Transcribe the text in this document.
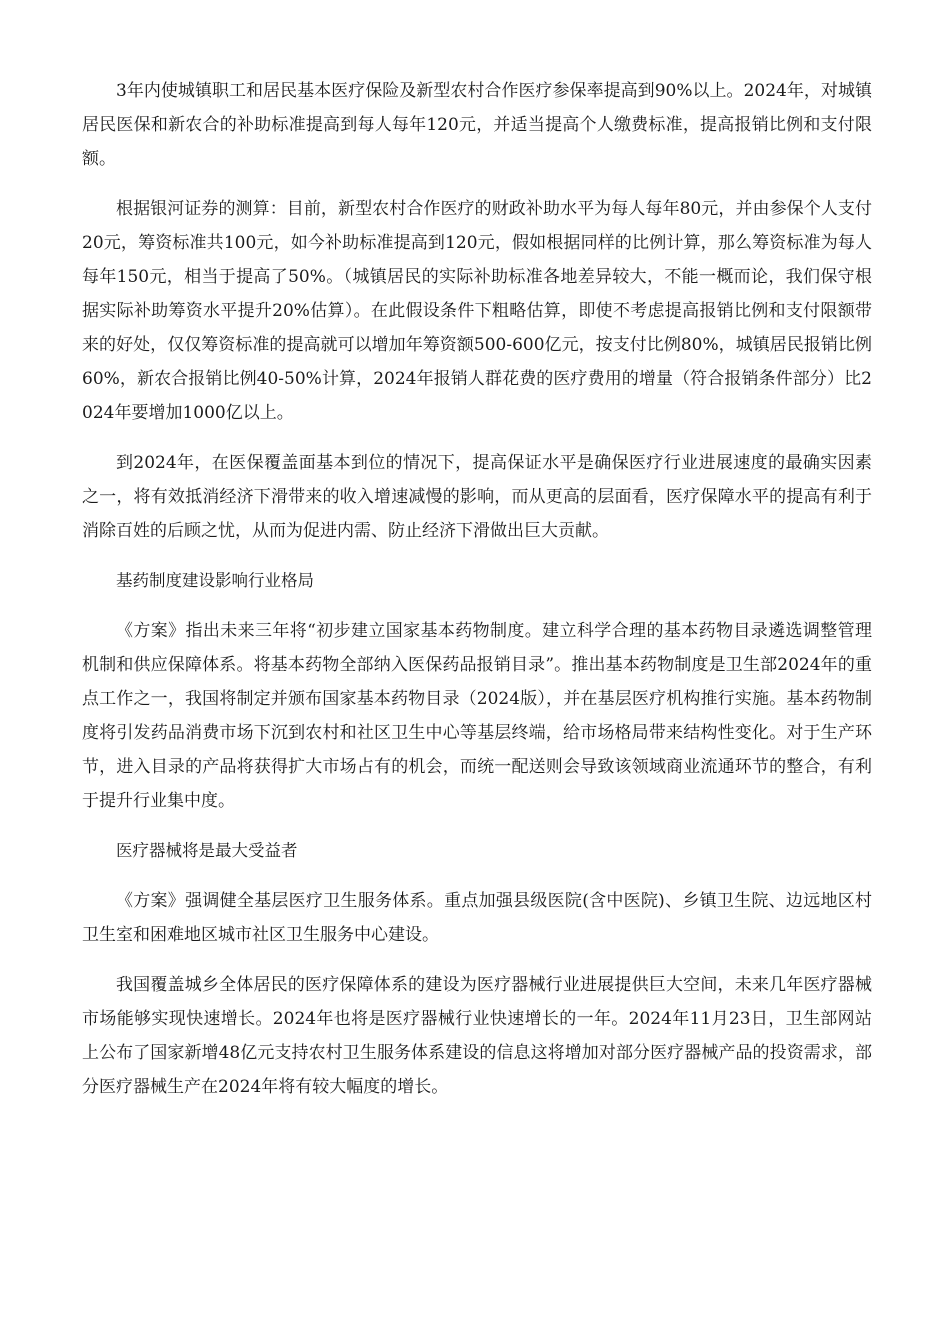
3年内使城镇职工和居民基本医疗保险及新型农村合作医疗参保率提高到90%以上。2024年，对城镇居民医保和新农合的补助标准提高到每人每年120元，并适当提高个人缴费标准，提高报销比例和支付限额。

根据银河证券的测算：目前，新型农村合作医疗的财政补助水平为每人每年80元，并由参保个人支付20元，筹资标准共100元，如今补助标准提高到120元，假如根据同样的比例计算，那么筹资标准为每人每年150元，相当于提高了50%。（城镇居民的实际补助标准各地差异较大，不能一概而论，我们保守根据实际补助筹资水平提升20%估算）。在此假设条件下粗略估算，即使不考虑提高报销比例和支付限额带来的好处，仅仅筹资标准的提高就可以增加年筹资额500-600亿元，按支付比例80%，城镇居民报销比例60%，新农合报销比例40-50%计算，2024年报销人群花费的医疗费用的增量（符合报销条件部分）比2024年要增加1000亿以上。

到2024年，在医保覆盖面基本到位的情况下，提高保证水平是确保医疗行业进展速度的最确实因素之一，将有效抵消经济下滑带来的收入增速减慢的影响，而从更高的层面看，医疗保障水平的提高有利于消除百姓的后顾之忧，从而为促进内需、防止经济下滑做出巨大贡献。

基药制度建设影响行业格局

《方案》指出未来三年将“初步建立国家基本药物制度。建立科学合理的基本药物目录遴选调整管理机制和供应保障体系。将基本药物全部纳入医保药品报销目录”。推出基本药物制度是卫生部2024年的重点工作之一，我国将制定并颁布国家基本药物目录（2024版），并在基层医疗机构推行实施。基本药物制度将引发药品消费市场下沉到农村和社区卫生中心等基层终端，给市场格局带来结构性变化。对于生产环节，进入目录的产品将获得扩大市场占有的机会，而统一配送则会导致该领域商业流通环节的整合，有利于提升行业集中度。

医疗器械将是最大受益者

《方案》强调健全基层医疗卫生服务体系。重点加强县级医院(含中医院)、乡镇卫生院、边远地区村卫生室和困难地区城市社区卫生服务中心建设。

我国覆盖城乡全体居民的医疗保障体系的建设为医疗器械行业进展提供巨大空间，未来几年医疗器械市场能够实现快速增长。2024年也将是医疗器械行业快速增长的一年。2024年11月23日，卫生部网站上公布了国家新增48亿元支持农村卫生服务体系建设的信息这将增加对部分医疗器械产品的投资需求，部分医疗器械生产在2024年将有较大幅度的增长。
